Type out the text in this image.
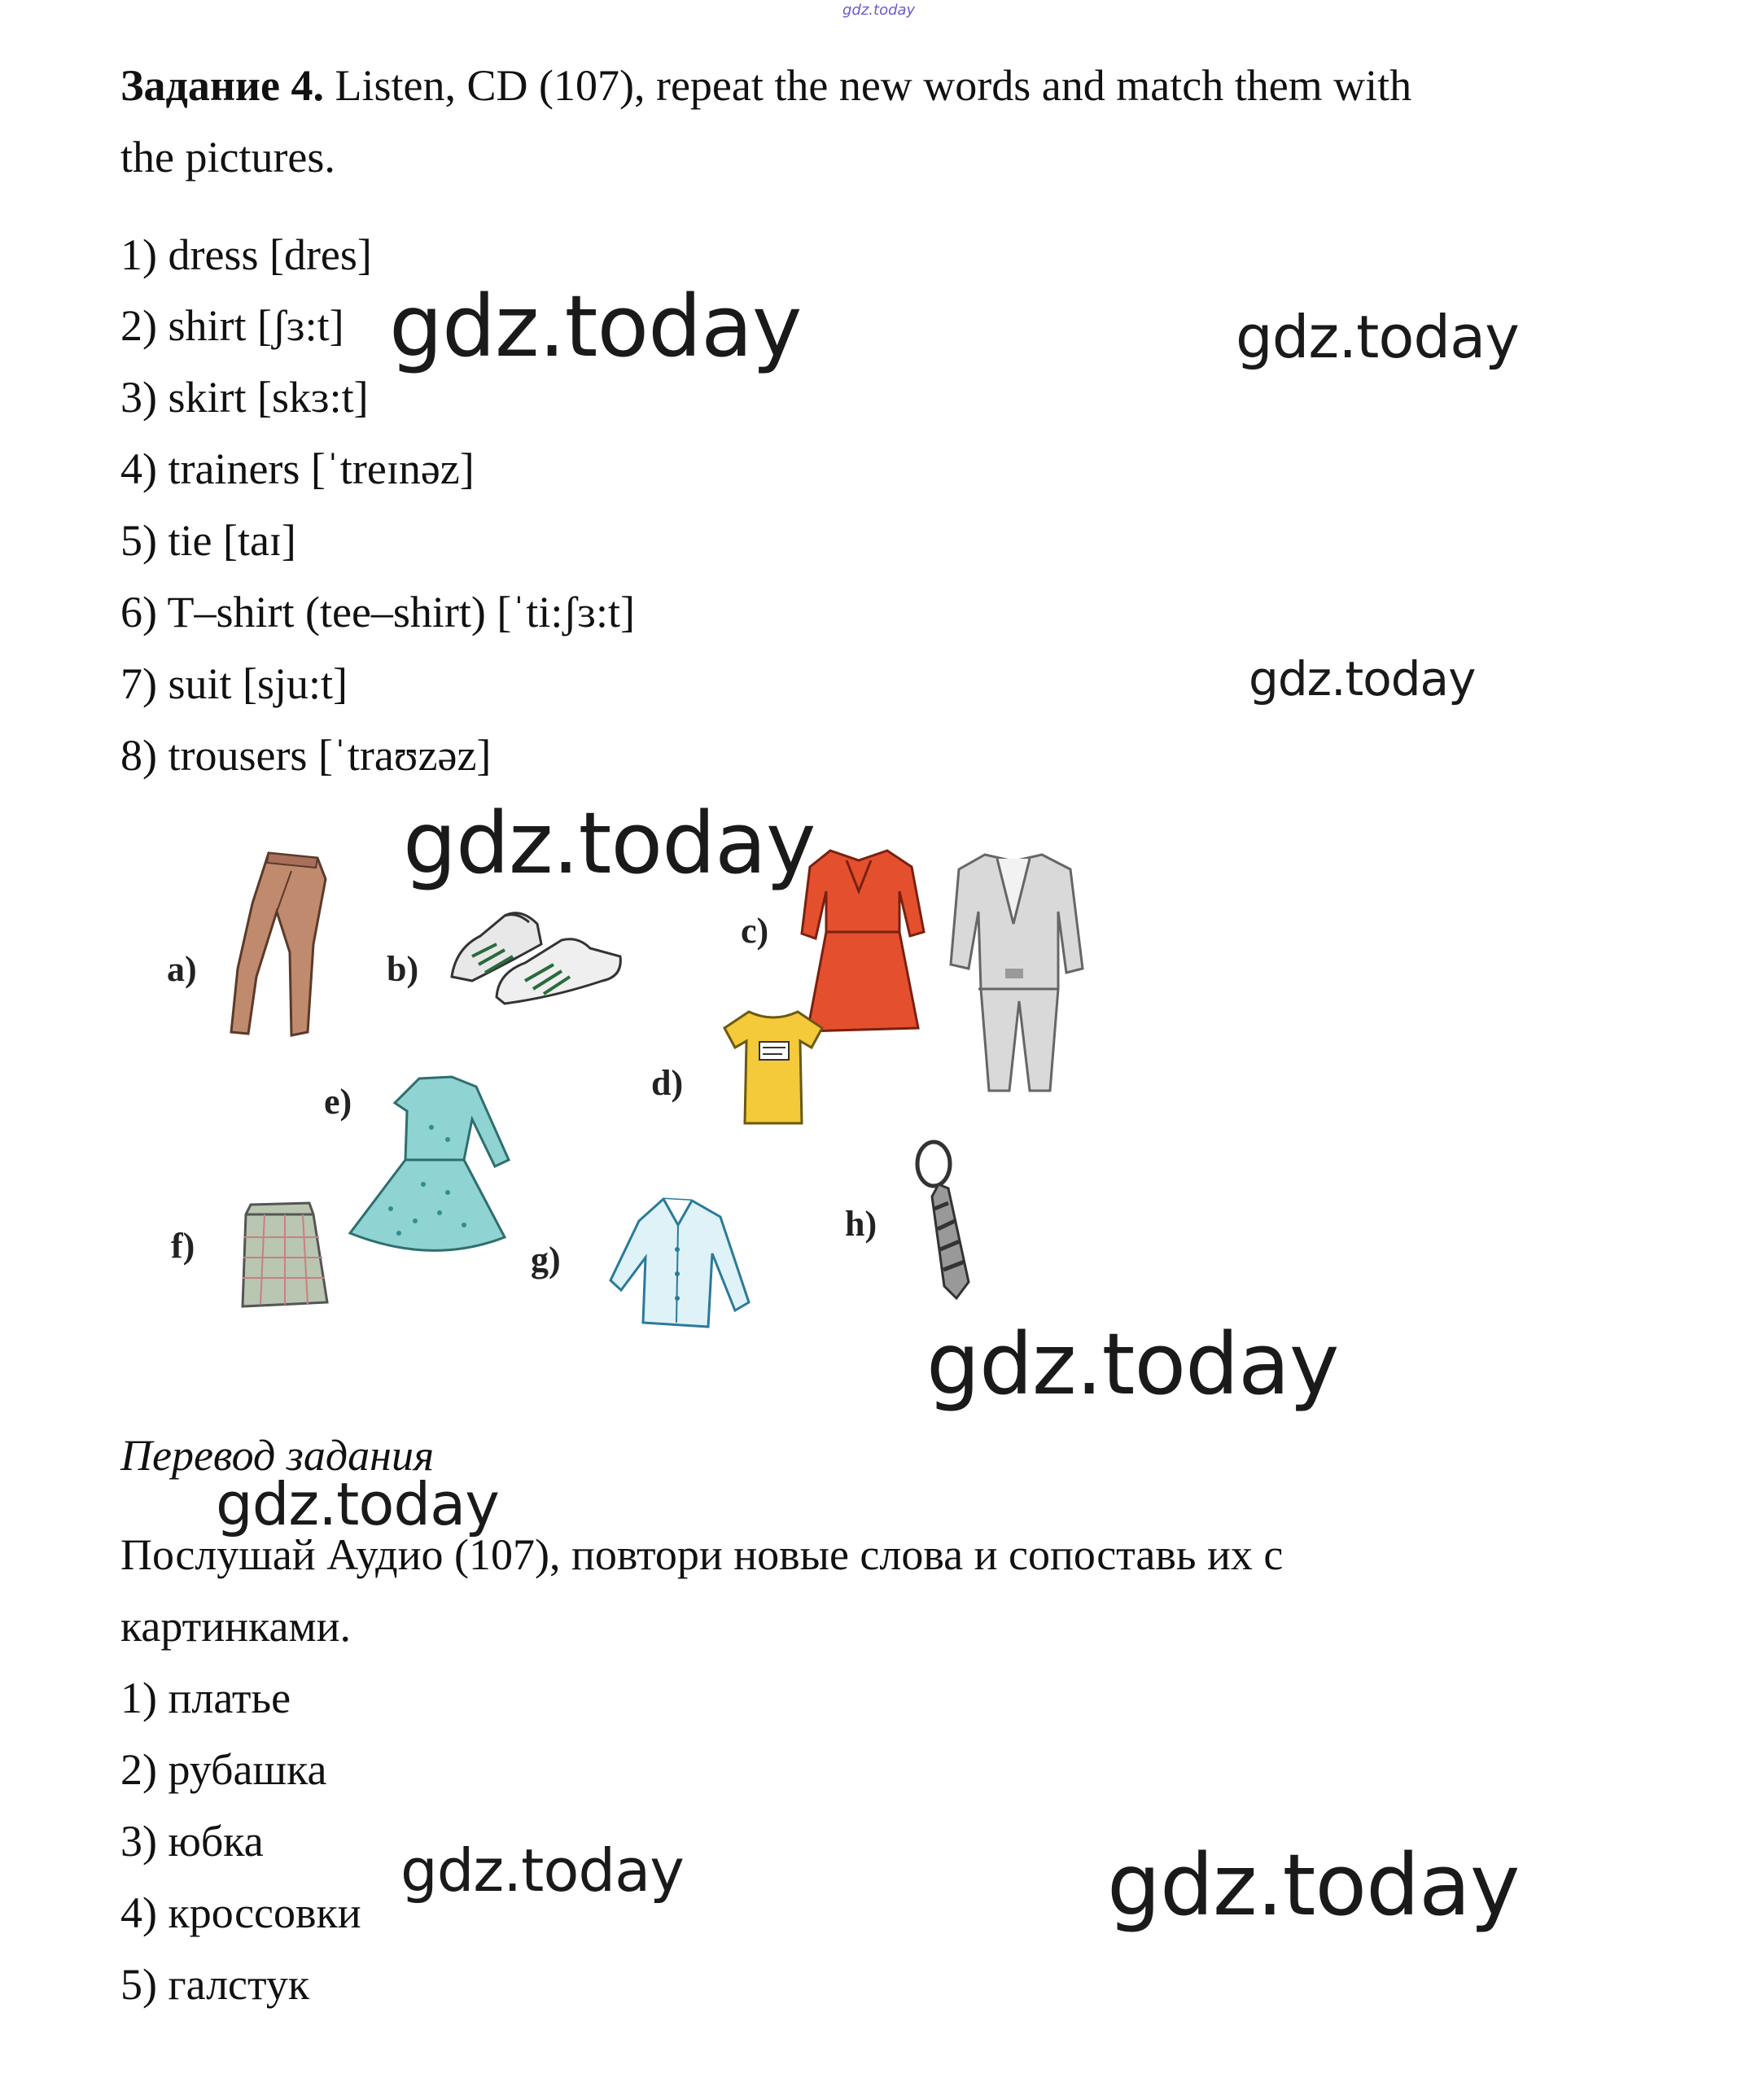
gdz.today
Задание 4. Listen, CD (107), repeat the new words and match them with
the pictures.
1) dress [dres]
2) shirt [ʃɜ:t]
3) skirt [skɜ:t]
4) trainers [ˈtreɪnəz]
5) tie [taɪ]
6) T–shirt (tee–shirt) [ˈti:ʃɜ:t]
7) suit [sju:t]
8) trousers [ˈtraʊzəz]
a)	b)
c)
d)
e)
f)	g)
h)
Перевод задания
Послушай Аудио (107), повтори новые слова и сопоставь их с
картинками.
1) платье
2) рубашка
3) юбка
4) кроссовки
5) галстук
gdz.today	gdz.today
gdz.today
gdz.today
gdz.today
gdz.today
gdz.today	gdz.today
